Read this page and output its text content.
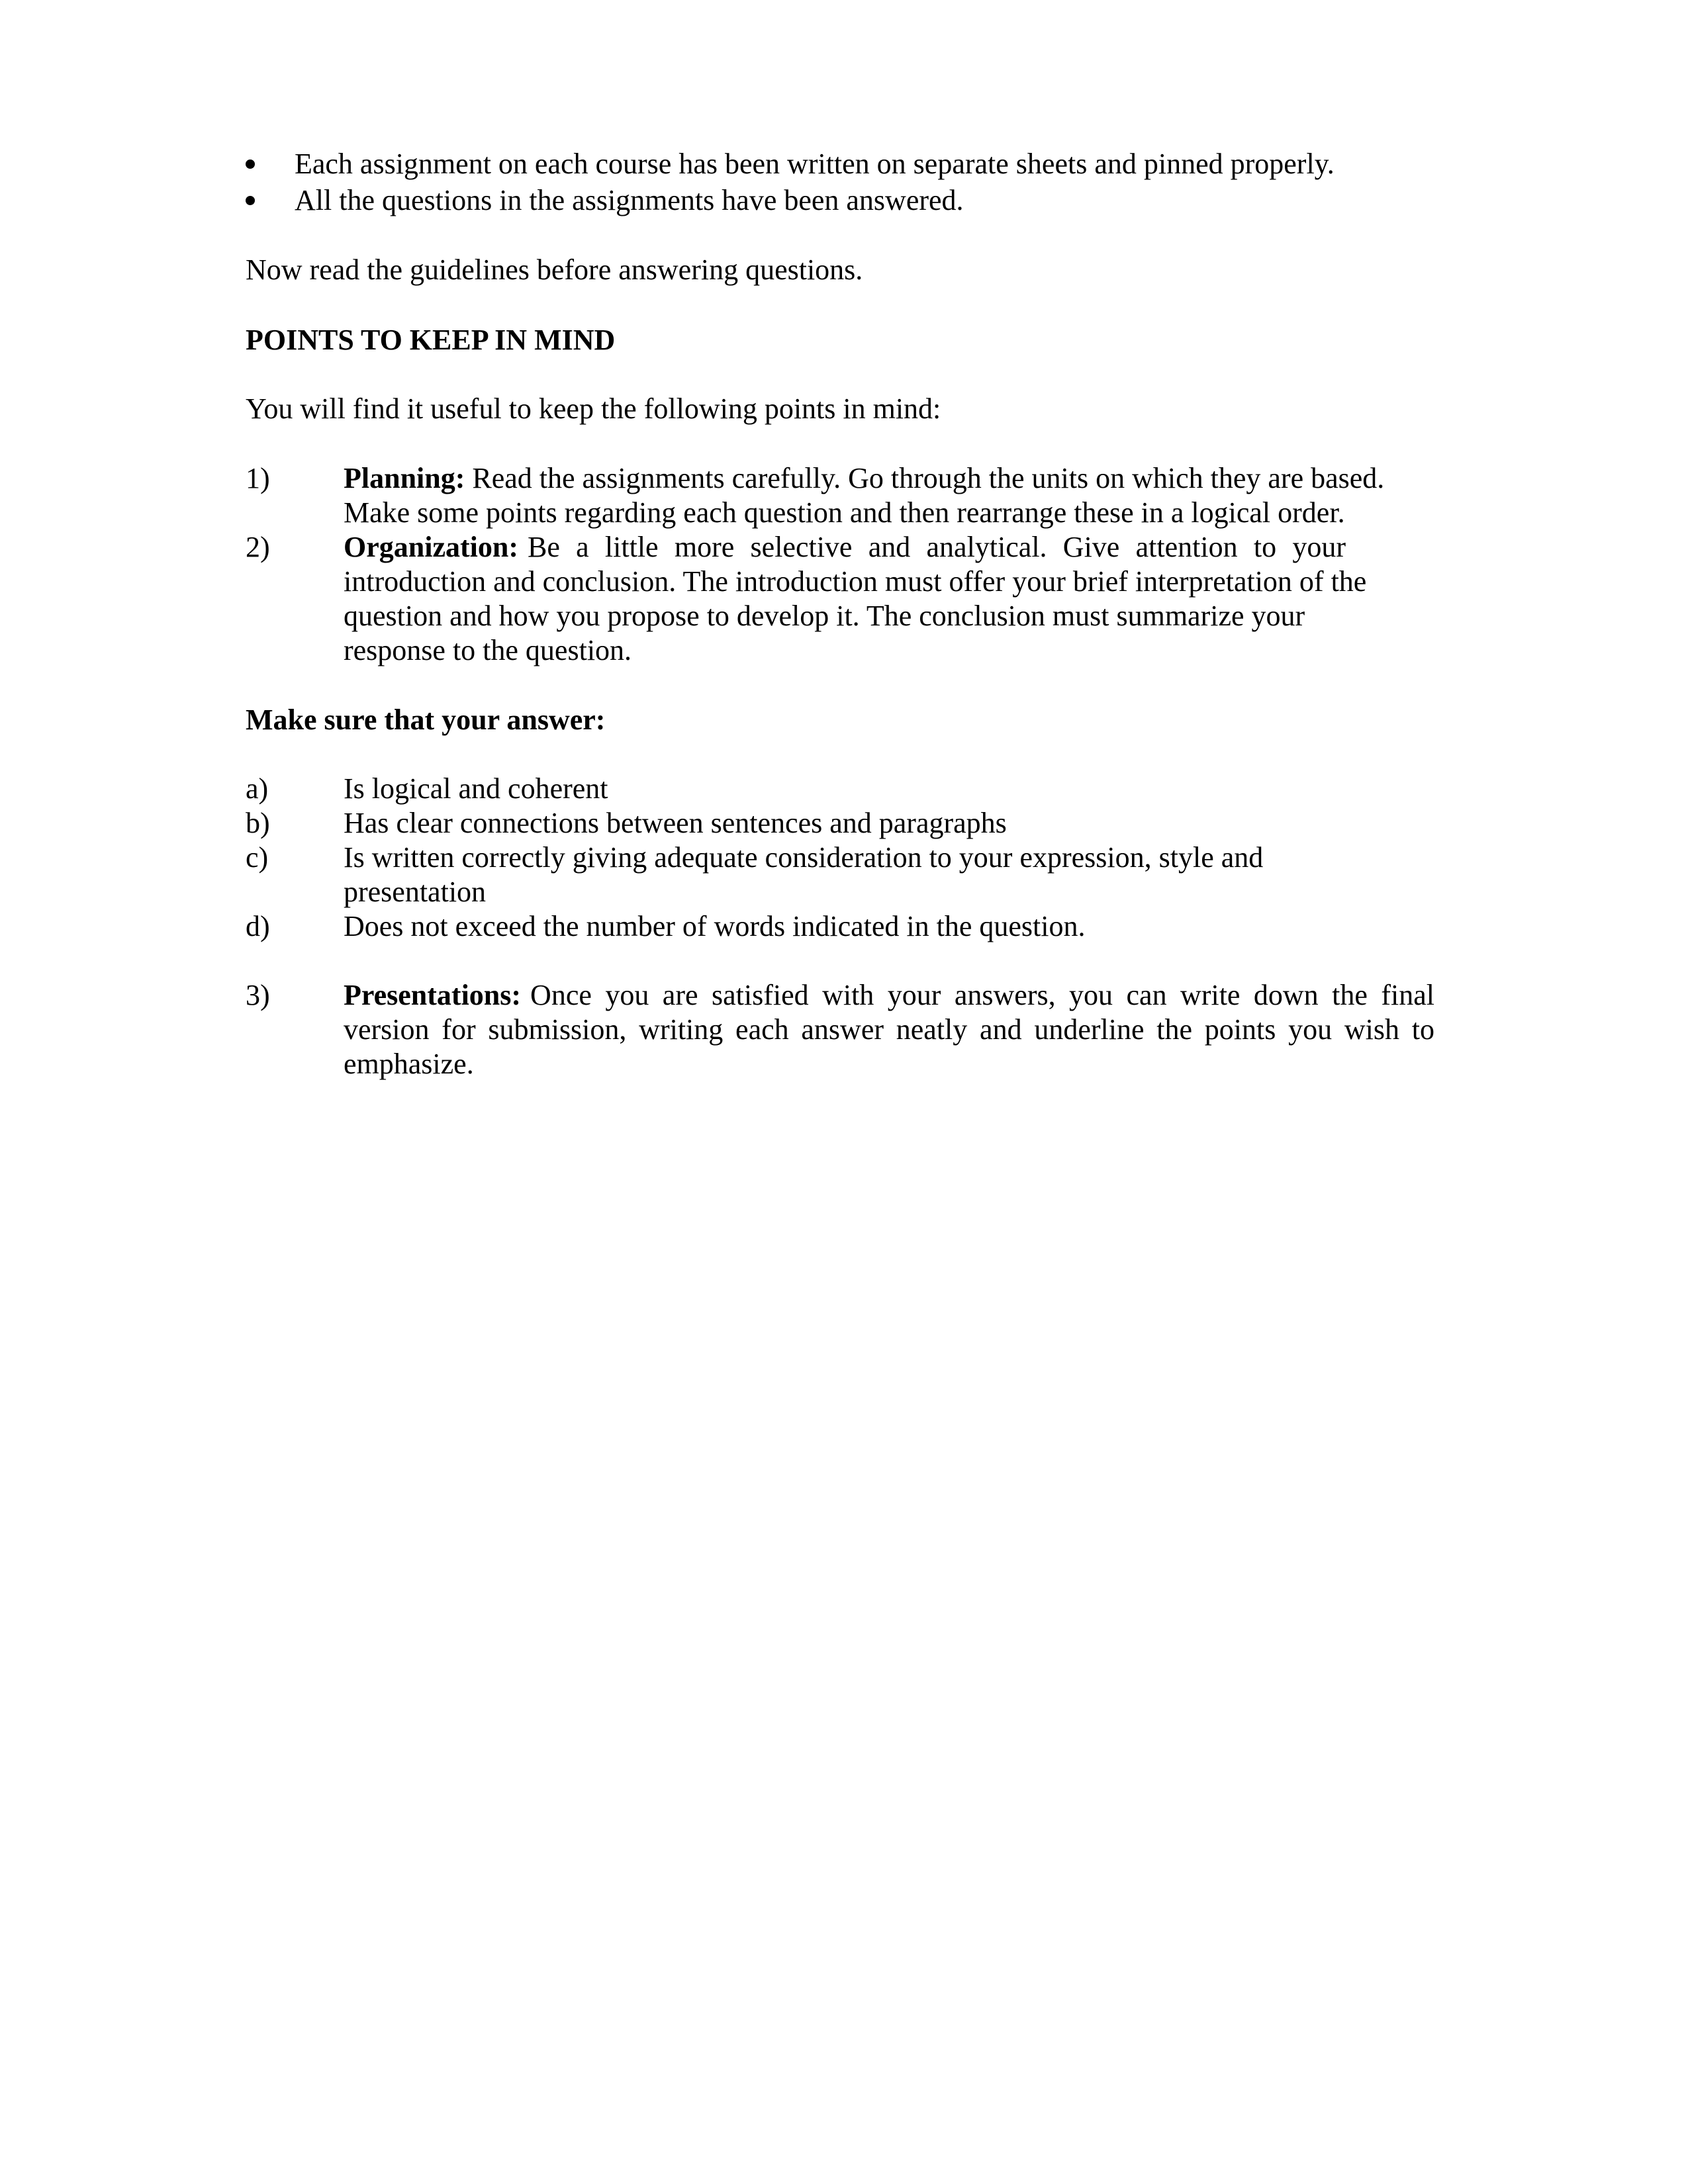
Each assignment on each course has been written on separate sheets and pinned properly.
All the questions in the assignments have been answered.
Now read the guidelines before answering questions.
POINTS TO KEEP IN MIND
You will find it useful to keep the following points in mind:
1)	Planning: Read the assignments carefully. Go through the units on which they are based.
Make some points regarding each question and then rearrange these in a logical order.
2)	Organization: Be a little more selective and analytical. Give attention to your
introduction and conclusion. The introduction must offer your brief interpretation of the
question and how you propose to develop it. The conclusion must summarize your
response to the question.
Make sure that your answer:
a)	Is logical and coherent
b)	Has clear connections between sentences and paragraphs
c)	Is written correctly giving adequate consideration to your expression, style and
presentation
d)	Does not exceed the number of words indicated in the question.
3)	Presentations: Once you are satisfied with your answers, you can write down the final
version for submission, writing each answer neatly and underline the points you wish to
emphasize.
